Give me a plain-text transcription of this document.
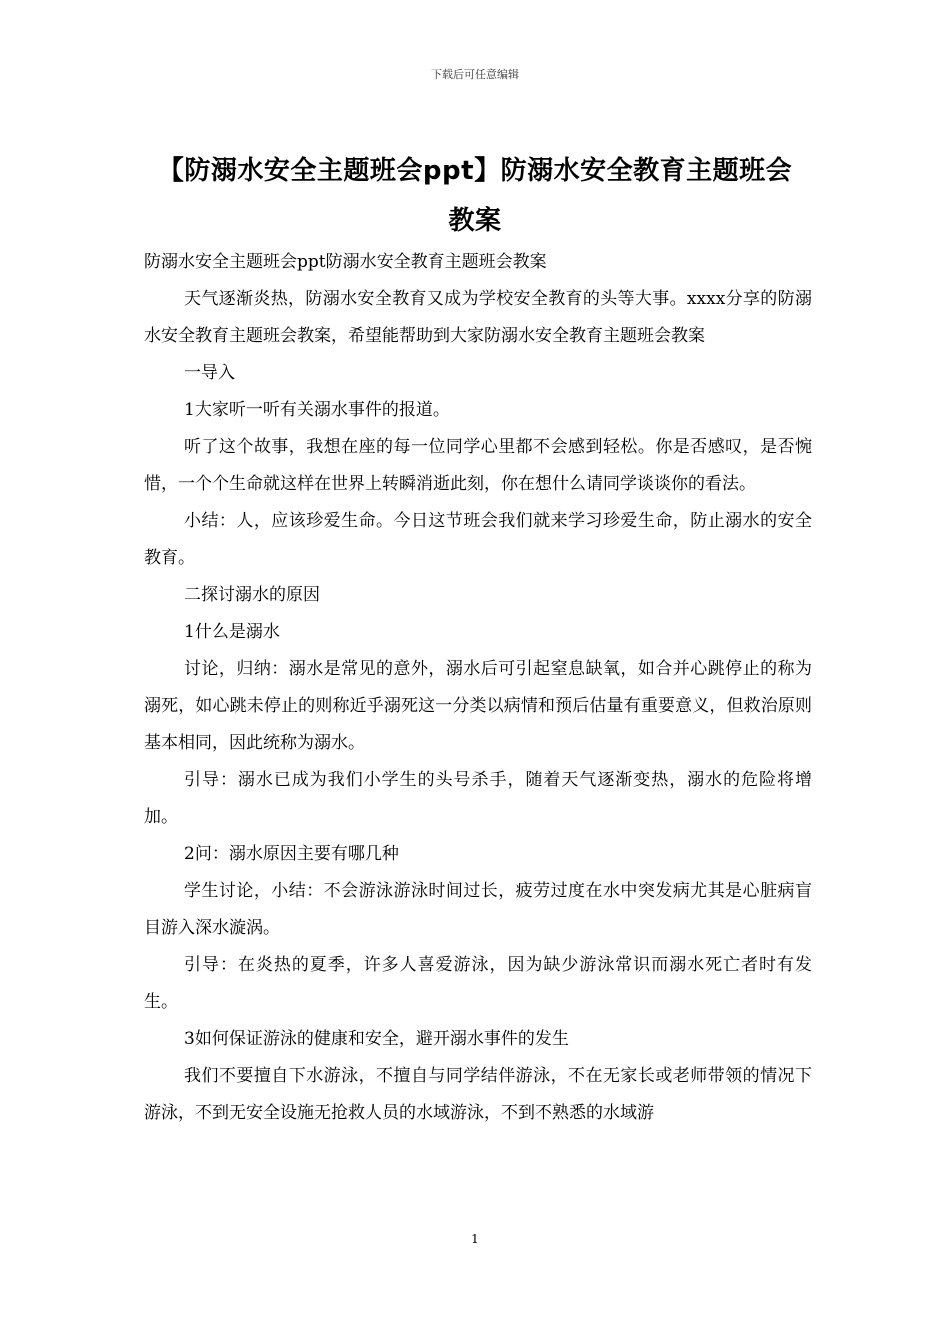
下载后可任意编辑
【防溺水安全主题班会ppt】防溺水安全教育主题班会教案

防溺水安全主题班会ppt防溺水安全教育主题班会教案

天气逐渐炎热，防溺水安全教育又成为学校安全教育的头等大事。xxxx分享的防溺水安全教育主题班会教案，希望能帮助到大家防溺水安全教育主题班会教案

一导入

1大家听一听有关溺水事件的报道。

听了这个故事，我想在座的每一位同学心里都不会感到轻松。你是否感叹，是否惋惜，一个个生命就这样在世界上转瞬消逝此刻，你在想什么请同学谈谈你的看法。

小结：人，应该珍爱生命。今日这节班会我们就来学习珍爱生命，防止溺水的安全教育。

二探讨溺水的原因

1什么是溺水

讨论，归纳：溺水是常见的意外，溺水后可引起窒息缺氧，如合并心跳停止的称为溺死，如心跳未停止的则称近乎溺死这一分类以病情和预后估量有重要意义，但救治原则基本相同，因此统称为溺水。

引导：溺水已成为我们小学生的头号杀手，随着天气逐渐变热，溺水的危险将增加。

2问：溺水原因主要有哪几种

学生讨论，小结：不会游泳游泳时间过长，疲劳过度在水中突发病尤其是心脏病盲目游入深水漩涡。

引导：在炎热的夏季，许多人喜爱游泳，因为缺少游泳常识而溺水死亡者时有发生。

3如何保证游泳的健康和安全，避开溺水事件的发生

我们不要擅自下水游泳，不擅自与同学结伴游泳，不在无家长或老师带领的情况下游泳，不到无安全设施无抢救人员的水域游泳，不到不熟悉的水域游

1
